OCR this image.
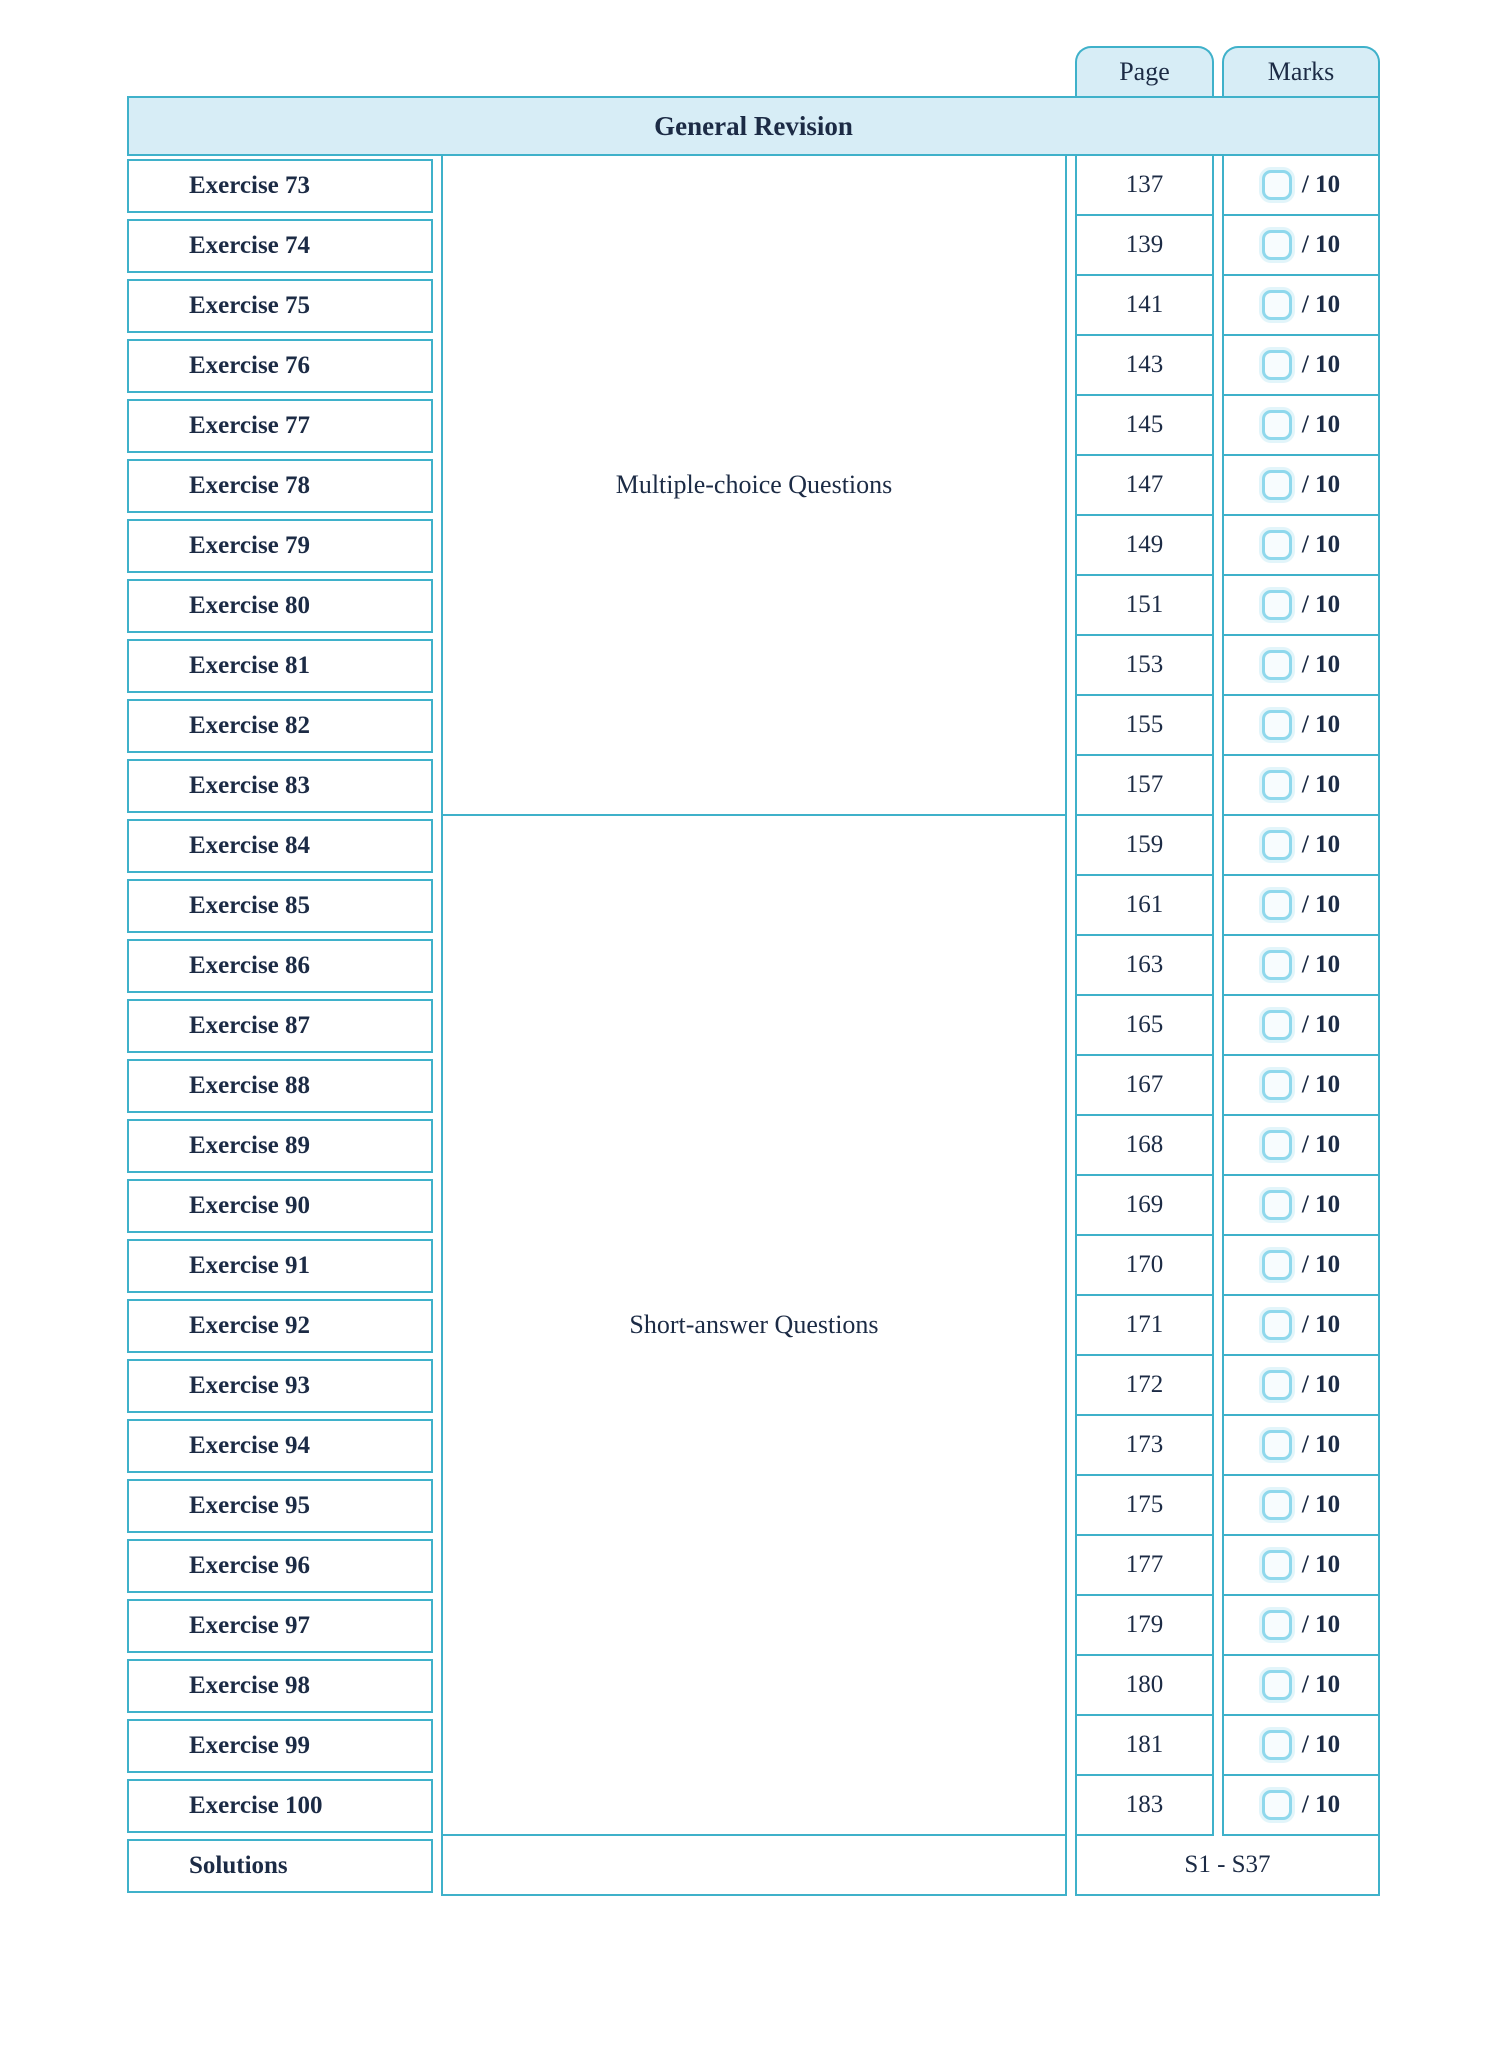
Page	Marks
General Revision
Multiple-choice Questions
Exercise 73	137	/ 10
Exercise 74	139	/ 10
Exercise 75	141	/ 10
Exercise 76	143	/ 10
Exercise 77	145	/ 10
Exercise 78	147	/ 10
Exercise 79	149	/ 10
Exercise 80	151	/ 10
Exercise 81	153	/ 10
Exercise 82	155	/ 10
Exercise 83	157	/ 10
Short-answer Questions
Exercise 84	159	/ 10
Exercise 85	161	/ 10
Exercise 86	163	/ 10
Exercise 87	165	/ 10
Exercise 88	167	/ 10
Exercise 89	168	/ 10
Exercise 90	169	/ 10
Exercise 91	170	/ 10
Exercise 92	171	/ 10
Exercise 93	172	/ 10
Exercise 94	173	/ 10
Exercise 95	175	/ 10
Exercise 96	177	/ 10
Exercise 97	179	/ 10
Exercise 98	180	/ 10
Exercise 99	181	/ 10
Exercise 100	183	/ 10
Solutions	S1 - S37
